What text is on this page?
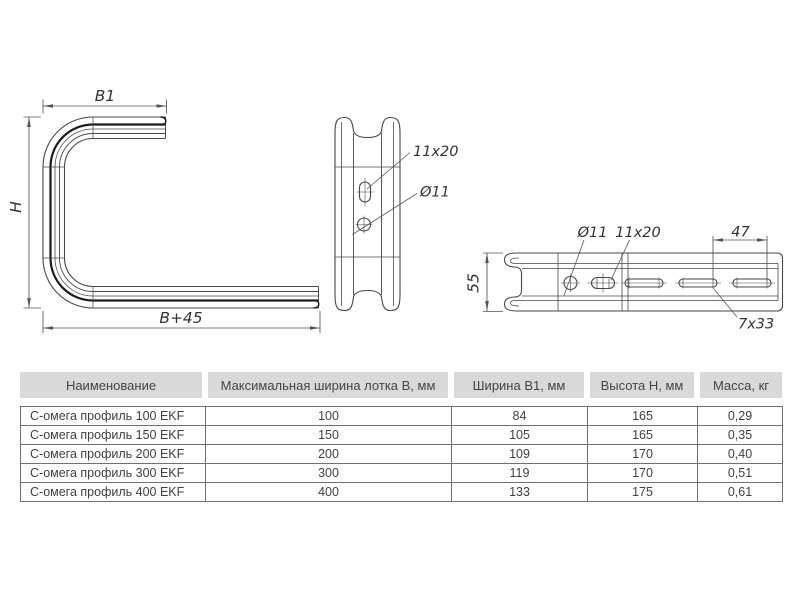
B1
H
B+45
11x20
Ø11
55
Ø11 11x20	47
7x33
Наименование	Максимальная ширина лотка В, мм	Ширина В1, мм	Высота Н, мм	Масса, кг
С-омега профиль 100 EKF	100	84	165	0,29
С-омега профиль 150 EKF	150	105	165	0,35
С-омега профиль 200 EKF	200	109	170	0,40
С-омега профиль 300 EKF	300	119	170	0,51
С-омега профиль 400 EKF	400	133	175	0,61
